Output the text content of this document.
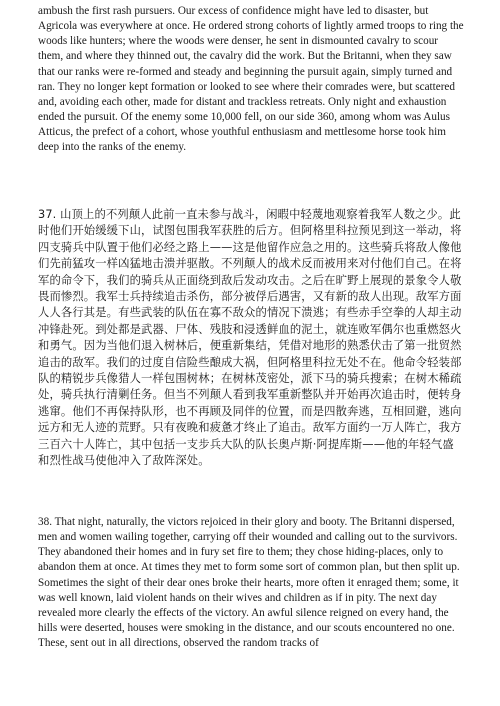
ambush the first rash pursuers. Our excess of confidence might have led to disaster, but Agricola was everywhere at once. He ordered strong cohorts of lightly armed troops to ring the woods like hunters; where the woods were denser, he sent in dismounted cavalry to scour them, and where they thinned out, the cavalry did the work. But the Britanni, when they saw that our ranks were re-formed and steady and beginning the pursuit again, simply turned and ran. They no longer kept formation or looked to see where their comrades were, but scattered and, avoiding each other, made for distant and trackless retreats. Only night and exhaustion ended the pursuit. Of the enemy some 10,000 fell, on our side 360, among whom was Aulus Atticus, the prefect of a cohort, whose youthful enthusiasm and mettlesome horse took him deep into the ranks of the enemy.

37. 山顶上的不列颠人此前一直未参与战斗，闲暇中轻蔑地观察着我军人数之少。此时他们开始缓缓下山，试图包围我军获胜的后方。但阿格里科拉预见到这一举动，将四支骑兵中队置于他们必经之路上——这是他留作应急之用的。这些骑兵将敌人像他们先前猛攻一样凶猛地击溃并驱散。不列颠人的战术反而被用来对付他们自己。在将军的命令下，我们的骑兵从正面绕到敌后发动攻击。之后在旷野上展现的景象令人敬畏而惨烈。我军士兵持续追击杀伤，部分被俘后遇害，又有新的敌人出现。敌军方面人人各行其是。有些武装的队伍在寡不敌众的情况下溃逃；有些赤手空拳的人却主动冲锋赴死。到处都是武器、尸体、残肢和浸透鲜血的泥土，就连败军偶尔也重燃怒火和勇气。因为当他们退入树林后，便重新集结，凭借对地形的熟悉伏击了第一批贸然追击的敌军。我们的过度自信险些酿成大祸，但阿格里科拉无处不在。他命令轻装部队的精锐步兵像猎人一样包围树林；在树林茂密处，派下马的骑兵搜索；在树木稀疏处，骑兵执行清剿任务。但当不列颠人看到我军重新整队并开始再次追击时，便转身逃窜。他们不再保持队形，也不再顾及同伴的位置，而是四散奔逃，互相回避，逃向远方和无人迹的荒野。只有夜晚和疲惫才终止了追击。敌军方面约一万人阵亡，我方三百六十人阵亡，其中包括一支步兵大队的队长奥卢斯·阿提库斯——他的年轻气盛和烈性战马使他冲入了敌阵深处。

38. That night, naturally, the victors rejoiced in their glory and booty. The Britanni dispersed, men and women wailing together, carrying off their wounded and calling out to the survivors. They abandoned their homes and in fury set fire to them; they chose hiding-places, only to abandon them at once. At times they met to form some sort of common plan, but then split up. Sometimes the sight of their dear ones broke their hearts, more often it enraged them; some, it was well known, laid violent hands on their wives and children as if in pity. The next day revealed more clearly the effects of the victory. An awful silence reigned on every hand, the hills were deserted, houses were smoking in the distance, and our scouts encountered no one. These, sent out in all directions, observed the random tracks of
